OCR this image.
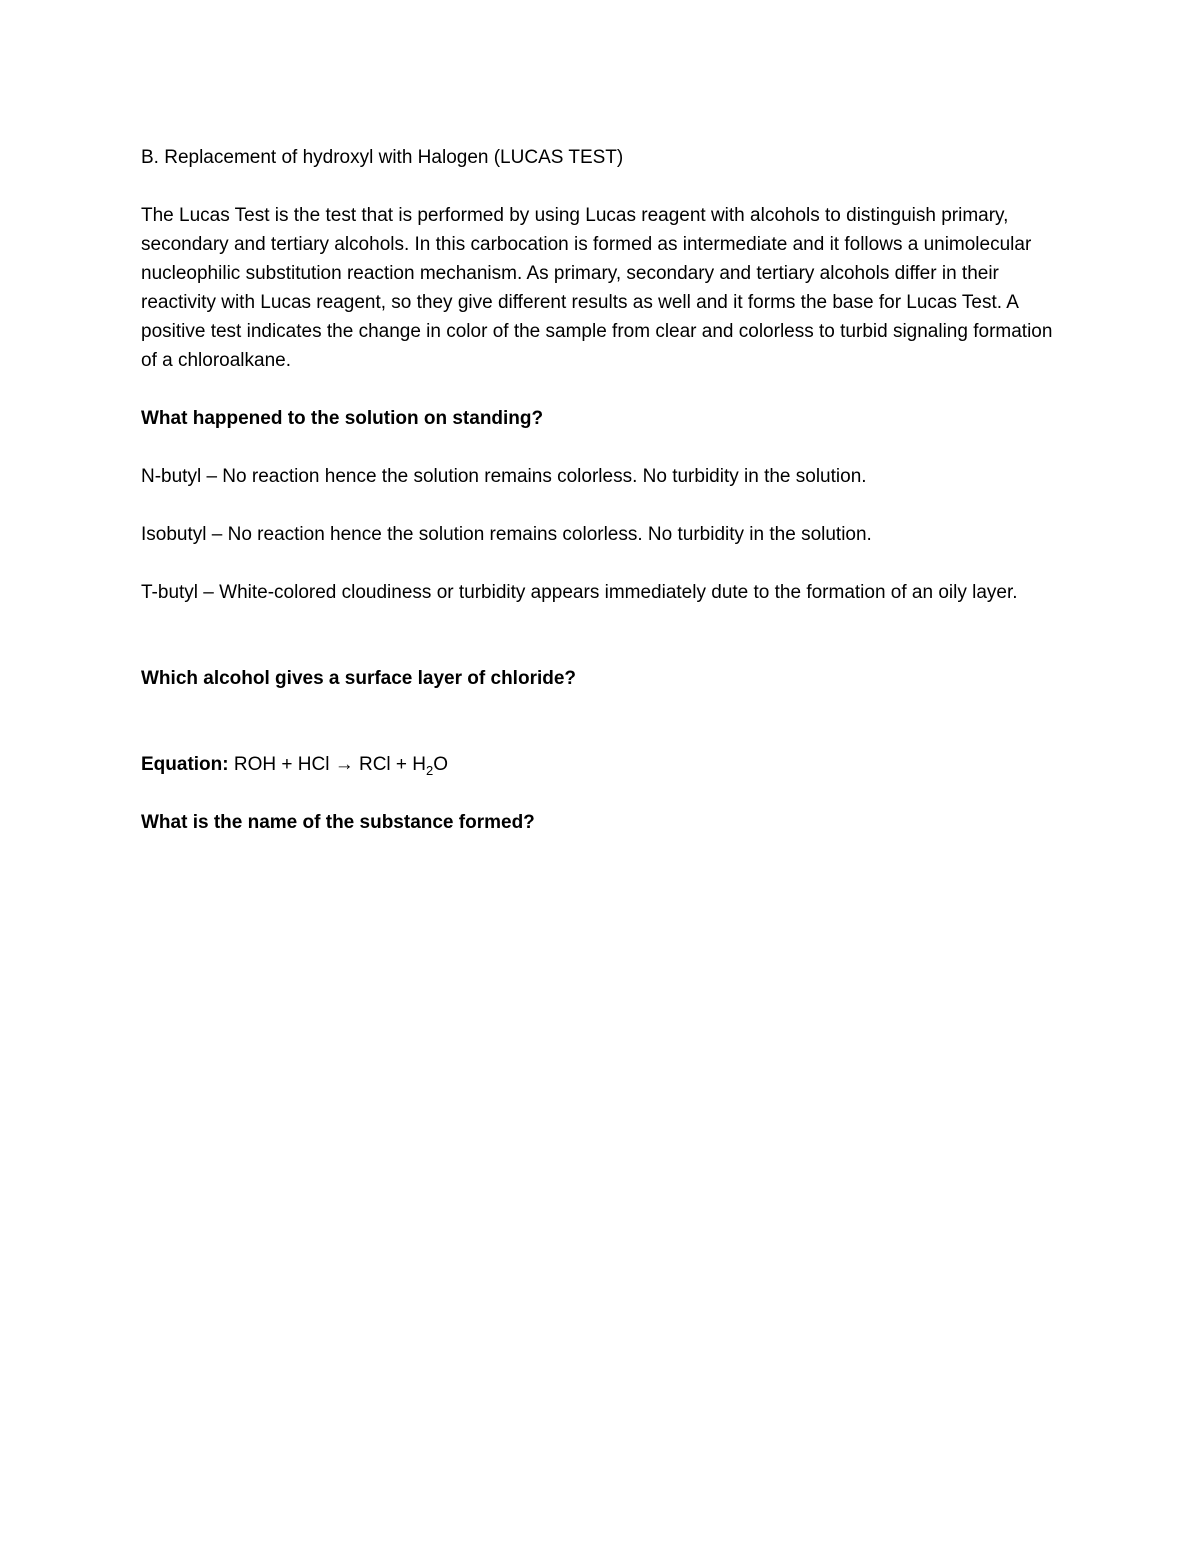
B. Replacement of hydroxyl with Halogen (LUCAS TEST)

The Lucas Test is the test that is performed by using Lucas reagent with alcohols to distinguish primary, secondary and tertiary alcohols. In this carbocation is formed as intermediate and it follows a unimolecular nucleophilic substitution reaction mechanism. As primary, secondary and tertiary alcohols differ in their reactivity with Lucas reagent, so they give different results as well and it forms the base for Lucas Test. A positive test indicates the change in color of the sample from clear and colorless to turbid signaling formation of a chloroalkane.

What happened to the solution on standing?

N-butyl – No reaction hence the solution remains colorless. No turbidity in the solution.

Isobutyl – No reaction hence the solution remains colorless. No turbidity in the solution.

T-butyl – White-colored cloudiness or turbidity appears immediately dute to the formation of an oily layer.

Which alcohol gives a surface layer of chloride?

Equation: ROH + HCl → RCl + $H_2O$

What is the name of the substance formed?
